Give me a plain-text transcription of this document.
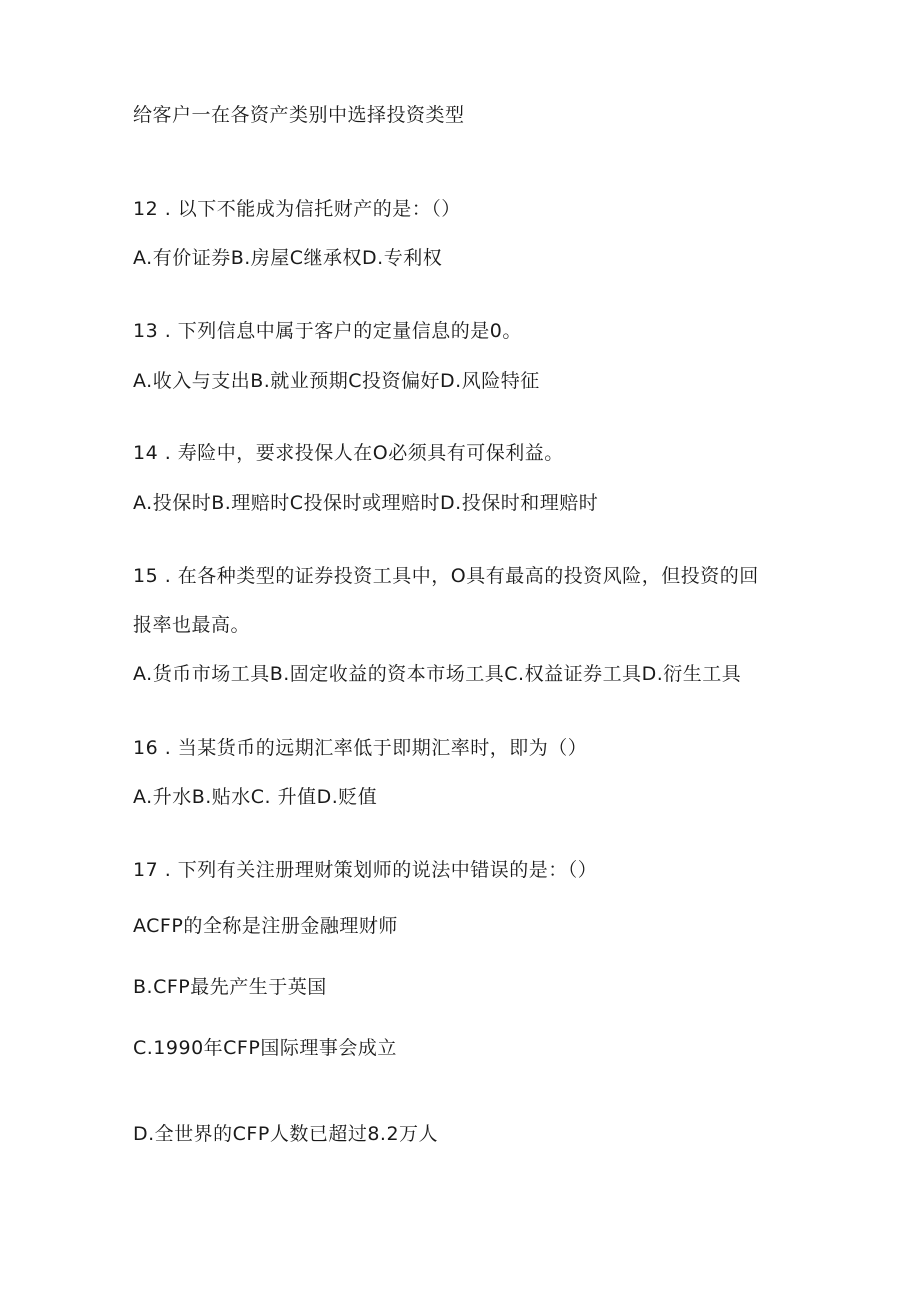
给客户一在各资产类别中选择投资类型
12 . 以下不能成为信托财产的是：（）
A.有价证券B.房屋C继承权D.专利权
13 . 下列信息中属于客户的定量信息的是0。
A.收入与支出B.就业预期C投资偏好D.风险特征
14 . 寿险中，要求投保人在O必须具有可保利益。
A.投保时B.理赔时C投保时或理赔时D.投保时和理赔时
15 . 在各种类型的证券投资工具中，O具有最高的投资风险，但投资的回
报率也最高。
A.货币市场工具B.固定收益的资本市场工具C.权益证券工具D.衍生工具
16 . 当某货币的远期汇率低于即期汇率时，即为（）
A.升水B.贴水C. 升值D.贬值
17 . 下列有关注册理财策划师的说法中错误的是：（）
ACFP的全称是注册金融理财师
B.CFP最先产生于英国
C.1990年CFP国际理事会成立
D.全世界的CFP人数已超过8.2万人
